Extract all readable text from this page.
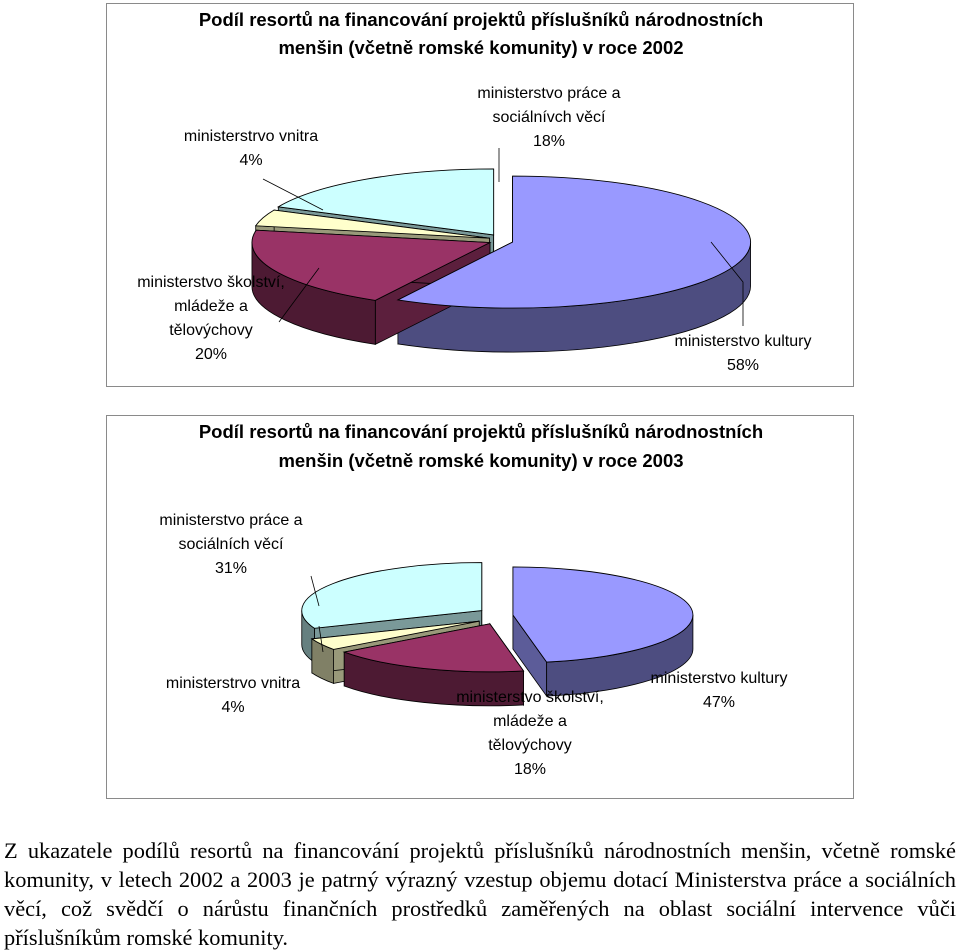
Podíl resortů na financování projektů příslušníků národnostních
menšin (včetně romské komunity) v roce 2002
ministerstvo kultury 58%
ministerstvo školství, mládeže a tělovýchovy 20%
ministerstrvo vnitra 4%
ministerstvo práce a sociálnívch věcí 18%
Podíl resortů na financování projektů příslušníků národnostních
menšin (včetně romské komunity) v roce 2003
ministerstvo kultury 47%
ministerstvo školství, mládeže a tělovýchovy 18%
ministerstrvo vnitra 4%
ministerstvo práce a sociálních věcí 31%
Z ukazatele podílů resortů na financování projektů příslušníků národnostních menšin, včetně romské komunity, v letech 2002 a 2003 je patrný výrazný vzestup objemu dotací Ministerstva práce a sociálních věcí, což svědčí o nárůstu finančních prostředků zaměřených na oblast sociální intervence vůči příslušníkům romské komunity.
